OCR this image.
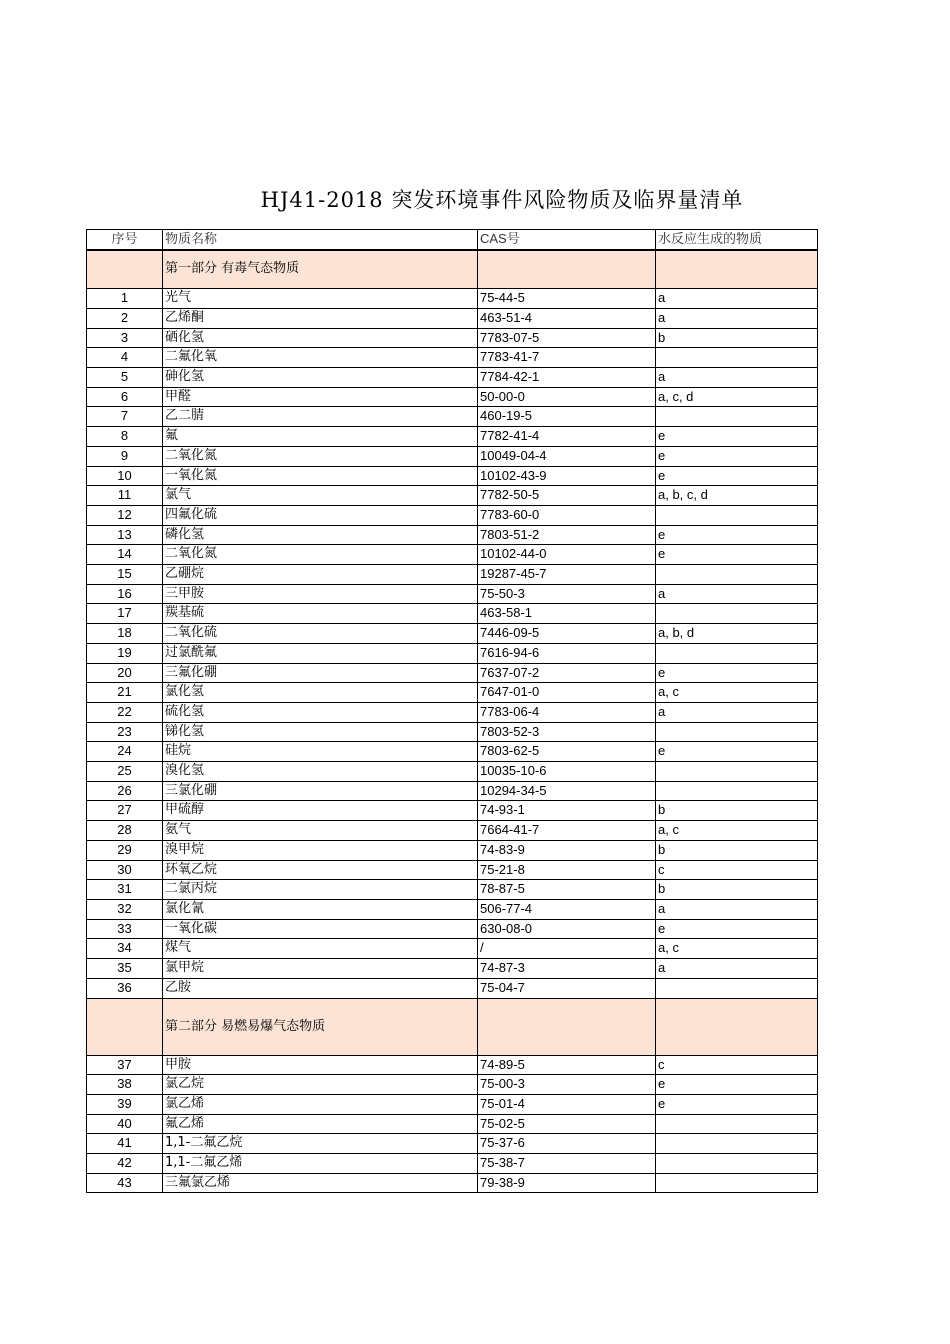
HJ41-2018 突发环境事件风险物质及临界量清单
序号	物质名称	CAS号	水反应生成的物质
	第一部分 有毒气态物质		
1	光气	75-44-5	a
2	乙烯酮	463-51-4	a
3	硒化氢	7783-07-5	b
4	二氟化氧	7783-41-7	
5	砷化氢	7784-42-1	a
6	甲醛	50-00-0	a, c, d
7	乙二腈	460-19-5	
8	氟	7782-41-4	e
9	二氧化氮	10049-04-4	e
10	一氧化氮	10102-43-9	e
11	氯气	7782-50-5	a, b, c, d
12	四氟化硫	7783-60-0	
13	磷化氢	7803-51-2	e
14	二氧化氮	10102-44-0	e
15	乙硼烷	19287-45-7	
16	三甲胺	75-50-3	a
17	羰基硫	463-58-1	
18	二氧化硫	7446-09-5	a, b, d
19	过氯酰氟	7616-94-6	
20	三氟化硼	7637-07-2	e
21	氯化氢	7647-01-0	a, c
22	硫化氢	7783-06-4	a
23	锑化氢	7803-52-3	
24	硅烷	7803-62-5	e
25	溴化氢	10035-10-6	
26	三氯化硼	10294-34-5	
27	甲硫醇	74-93-1	b
28	氨气	7664-41-7	a, c
29	溴甲烷	74-83-9	b
30	环氧乙烷	75-21-8	c
31	二氯丙烷	78-87-5	b
32	氯化氰	506-77-4	a
33	一氧化碳	630-08-0	e
34	煤气	/	a, c
35	氯甲烷	74-87-3	a
36	乙胺	75-04-7	
	第二部分 易燃易爆气态物质		
37	甲胺	74-89-5	c
38	氯乙烷	75-00-3	e
39	氯乙烯	75-01-4	e
40	氟乙烯	75-02-5	
41	1,1-二氟乙烷	75-37-6	
42	1,1-二氟乙烯	75-38-7	
43	三氟氯乙烯	79-38-9	
